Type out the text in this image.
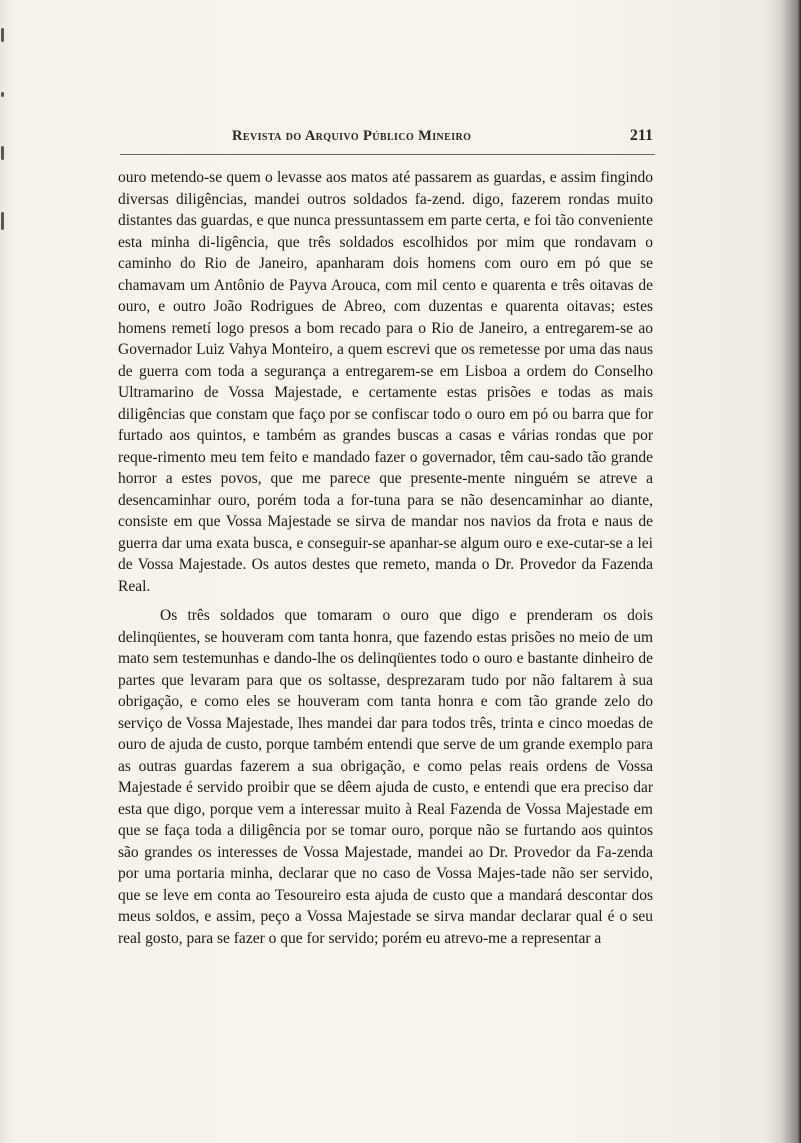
Revista do Arquivo Público Mineiro	211

ouro metendo-se quem o levasse aos matos até passarem as guardas, e assim fingindo diversas diligências, mandei outros soldados fa-zend. digo, fazerem rondas muito distantes das guardas, e que nunca pressuntassem em parte certa, e foi tão conveniente esta minha di-ligência, que três soldados escolhidos por mim que rondavam o caminho do Rio de Janeiro, apanharam dois homens com ouro em pó que se chamavam um Antônio de Payva Arouca, com mil cento e quarenta e três oitavas de ouro, e outro João Rodrigues de Abreo, com duzentas e quarenta oitavas; estes homens remetí logo presos a bom recado para o Rio de Janeiro, a entregarem-se ao Governador Luiz Vahya Monteiro, a quem escrevi que os remetesse por uma das naus de guerra com toda a segurança a entregarem-se em Lisboa a ordem do Conselho Ultramarino de Vossa Majestade, e certamente estas prisões e todas as mais diligências que constam que faço por se confiscar todo o ouro em pó ou barra que for furtado aos quintos, e também as grandes buscas a casas e várias rondas que por reque-rimento meu tem feito e mandado fazer o governador, têm cau-sado tão grande horror a estes povos, que me parece que presente-mente ninguém se atreve a desencaminhar ouro, porém toda a for-tuna para se não desencaminhar ao diante, consiste em que Vossa Majestade se sirva de mandar nos navios da frota e naus de guerra dar uma exata busca, e conseguir-se apanhar-se algum ouro e exe-cutar-se a lei de Vossa Majestade. Os autos destes que remeto, manda o Dr. Provedor da Fazenda Real.

Os três soldados que tomaram o ouro que digo e prenderam os dois delinqüentes, se houveram com tanta honra, que fazendo estas prisões no meio de um mato sem testemunhas e dando-lhe os delinqüentes todo o ouro e bastante dinheiro de partes que levaram para que os soltasse, desprezaram tudo por não faltarem à sua obrigação, e como eles se houveram com tanta honra e com tão grande zelo do serviço de Vossa Majestade, lhes mandei dar para todos três, trinta e cinco moedas de ouro de ajuda de custo, porque também entendi que serve de um grande exemplo para as outras guardas fazerem a sua obrigação, e como pelas reais ordens de Vossa Majestade é servido proibir que se dêem ajuda de custo, e entendi que era preciso dar esta que digo, porque vem a interessar muito à Real Fazenda de Vossa Majestade em que se faça toda a diligência por se tomar ouro, porque não se furtando aos quintos são grandes os interesses de Vossa Majestade, mandei ao Dr. Provedor da Fa-zenda por uma portaria minha, declarar que no caso de Vossa Majes-tade não ser servido, que se leve em conta ao Tesoureiro esta ajuda de custo que a mandará descontar dos meus soldos, e assim, peço a Vossa Majestade se sirva mandar declarar qual é o seu real gosto, para se fazer o que for servido; porém eu atrevo-me a representar a
